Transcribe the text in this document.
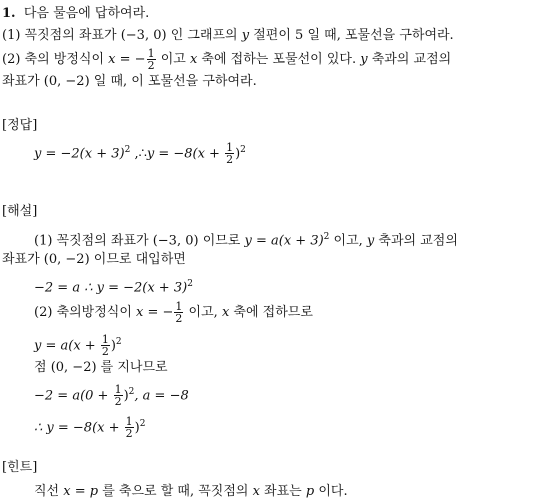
1. 다음 물음에 답하여라.
(1) 꼭짓점의 좌표가 (−3, 0) 인 그래프의 y 절편이 5 일 때, 포물선을 구하여라.
(2) 축의 방정식이 x = − $\frac{1}{2}$ 이고 x 축에 접하는 포물선이 있다. y 축과의 교점의
좌표가 (0, −2) 일 때, 이 포물선을 구하여라.
[정답]
$y = -2(x + 3)^2$ ,∴y = $-8(x + \frac{1}{2} )^2$
[해설]
(1) 꼭짓점의 좌표가 (−3, 0) 이므로 $y = a(x + 3)^2$ 이고, y 축과의 교점의
좌표가 (0, −2) 이므로 대입하면
−2 = a ∴ $y = -2(x + 3)^2$
(2) 축의방정식이 x = − $\frac{1}{2}$ 이고, x 축에 접하므로
$y = a(x + \frac{1}{2} )^2$
점 (0, −2) 를 지나므로
$-2 = a(0 + \frac{1}{2} )^2$, a = −8
∴ $y = -8(x + \frac{1}{2} )^2$
[힌트]
직선 x = p 를 축으로 할 때, 꼭짓점의 x 좌표는 p 이다.
